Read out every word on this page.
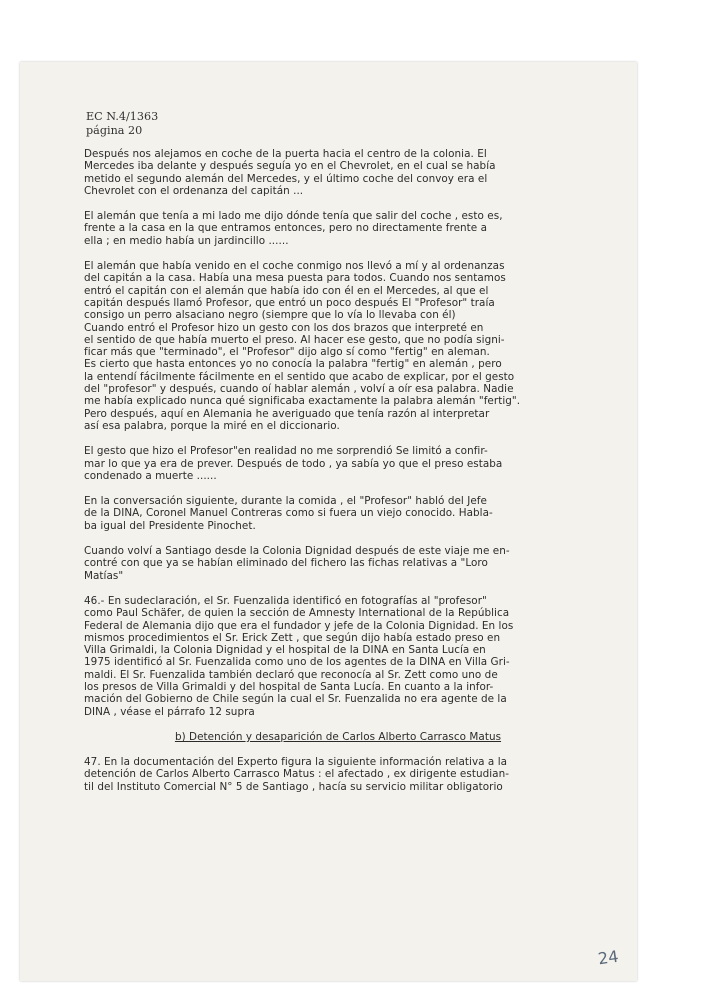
EC N.4/1363
página 20
Después nos alejamos en coche de la puerta hacia el centro de la colonia. El
Mercedes iba delante y después seguía yo en el Chevrolet, en el cual se había
metido el segundo alemán del Mercedes, y el último coche del convoy era el
Chevrolet con el ordenanza del capitán ...
El alemán que tenía a mi lado me dijo dónde tenía que salir del coche , esto es,
frente a la casa en la que entramos entonces, pero no directamente frente a
ella ; en medio había un jardincillo ......
El alemán que había venido en el coche conmigo nos llevó a mí y al ordenanzas
del capitán a la casa. Había una mesa puesta para todos. Cuando nos sentamos
entró el capitán con el alemán que había ido con él en el Mercedes, al que el
capitán después llamó Profesor, que entró un poco después El "Profesor" traía
consigo un perro alsaciano negro (siempre que lo vía lo llevaba con él)
Cuando entró el Profesor hizo un gesto con los dos brazos que interpreté en
el sentido de que había muerto el preso. Al hacer ese gesto, que no podía signi-
ficar más que "terminado", el "Profesor" dijo algo sí como "fertig" en aleman.
Es cierto que hasta entonces yo no conocía la palabra "fertig" en alemán , pero
la entendí fácilmente fácilmente en el sentido que acabo de explicar, por el gesto
del "profesor" y después, cuando oí hablar alemán , volví a oír esa palabra. Nadie
me había explicado nunca qué significaba exactamente la palabra alemán "fertig".
Pero después, aquí en Alemania he averiguado que tenía razón al interpretar
así esa palabra, porque la miré en el diccionario.
El gesto que hizo el Profesor"en realidad no me sorprendió Se limitó a confir-
mar lo que ya era de prever. Después de todo , ya sabía yo que el preso estaba
condenado a muerte ......
En la conversación siguiente, durante la comida , el "Profesor" habló del Jefe
de la DINA, Coronel Manuel Contreras como si fuera un viejo conocido. Habla-
ba igual del Presidente Pinochet.
Cuando volví a Santiago desde la Colonia Dignidad después de este viaje me en-
contré con que ya se habían eliminado del fichero las fichas relativas a "Loro
Matías"
46.- En sudeclaración, el Sr. Fuenzalida identificó en fotografías al "profesor"
como Paul Schäfer, de quien la sección de Amnesty International de la República
Federal de Alemania dijo que era el fundador y jefe de la Colonia Dignidad. En los
mismos procedimientos el Sr. Erick Zett , que según dijo había estado preso en
Villa Grimaldi, la Colonia Dignidad y el hospital de la DINA en Santa Lucía en
1975 identificó al Sr. Fuenzalida como uno de los agentes de la DINA en Villa Gri-
maldi. El Sr. Fuenzalida también declaró que reconocía al Sr. Zett como uno de
los presos de Villa Grimaldi y del hospital de Santa Lucía. En cuanto a la infor-
mación del Gobierno de Chile según la cual el Sr. Fuenzalida no era agente de la
DINA , véase el párrafo 12 supra
b) Detención y desaparición de Carlos Alberto Carrasco Matus
47. En la documentación del Experto figura la siguiente información relativa a la
detención de Carlos Alberto Carrasco Matus : el afectado , ex dirigente estudian-
til del Instituto Comercial N° 5 de Santiago , hacía su servicio militar obligatorio
24
